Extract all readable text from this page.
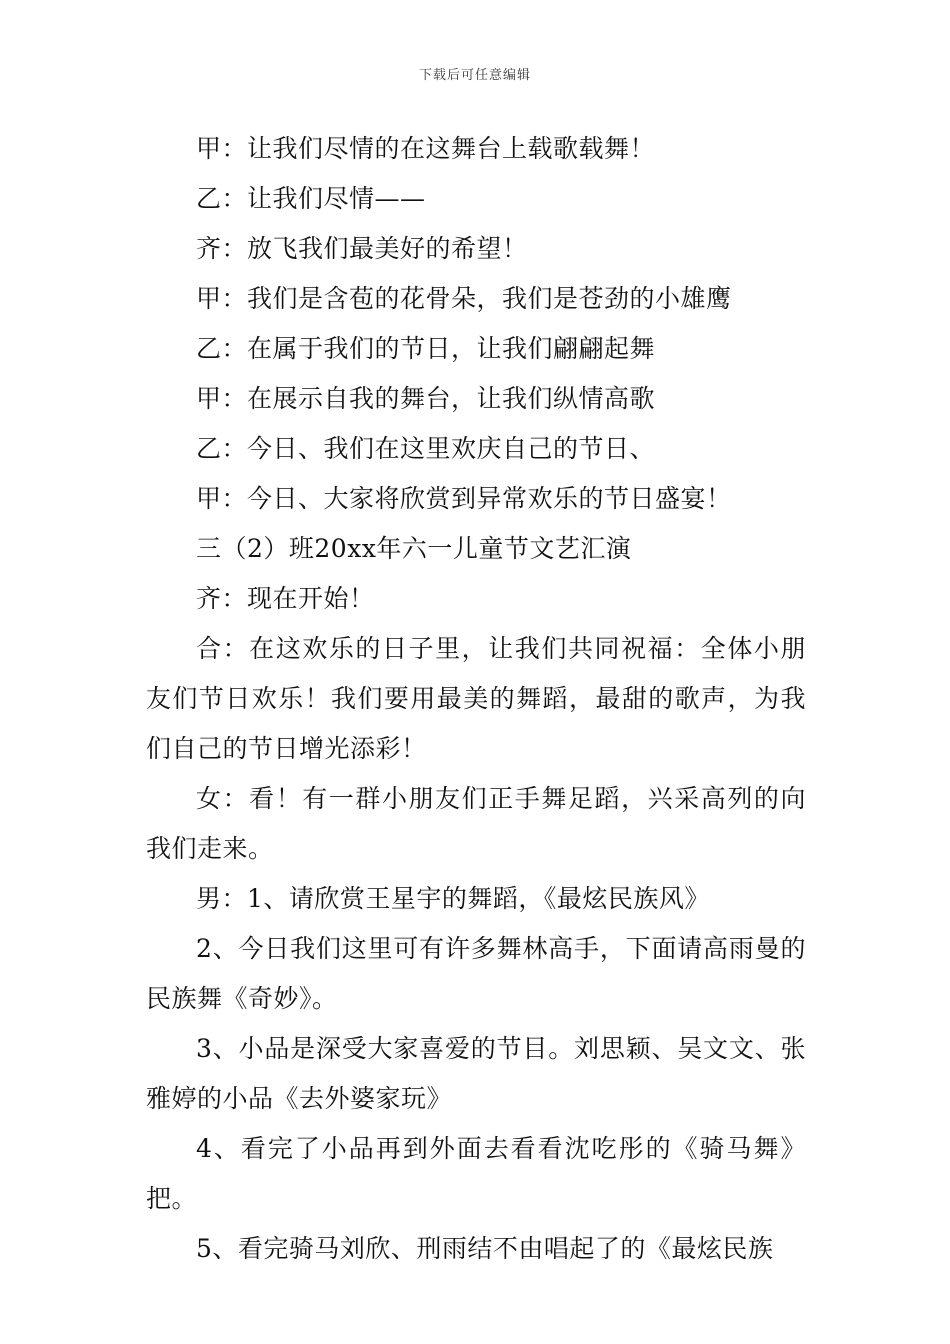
下载后可任意编辑
甲：让我们尽情的在这舞台上载歌载舞！
乙：让我们尽情——
齐：放飞我们最美好的希望！
甲：我们是含苞的花骨朵，我们是苍劲的小雄鹰
乙：在属于我们的节日，让我们翩翩起舞
甲：在展示自我的舞台，让我们纵情高歌
乙：今日、我们在这里欢庆自己的节日、
甲：今日、大家将欣赏到异常欢乐的节日盛宴！
三（2）班20xx年六一儿童节文艺汇演
齐：现在开始！

合：在这欢乐的日子里，让我们共同祝福：全体小朋友们节日欢乐！我们要用最美的舞蹈，最甜的歌声，为我们自己的节日增光添彩！

女：看！有一群小朋友们正手舞足蹈，兴采高列的向我们走来。

男：1、请欣赏王星宇的舞蹈，《最炫民族风》

2、今日我们这里可有许多舞林高手，下面请高雨曼的民族舞《奇妙》。

3、小品是深受大家喜爱的节目。刘思颖、吴文文、张雅婷的小品《去外婆家玩》

4、看完了小品再到外面去看看沈吃彤的《骑马舞》把。

5、看完骑马刘欣、刑雨结不由唱起了的《最炫民族
